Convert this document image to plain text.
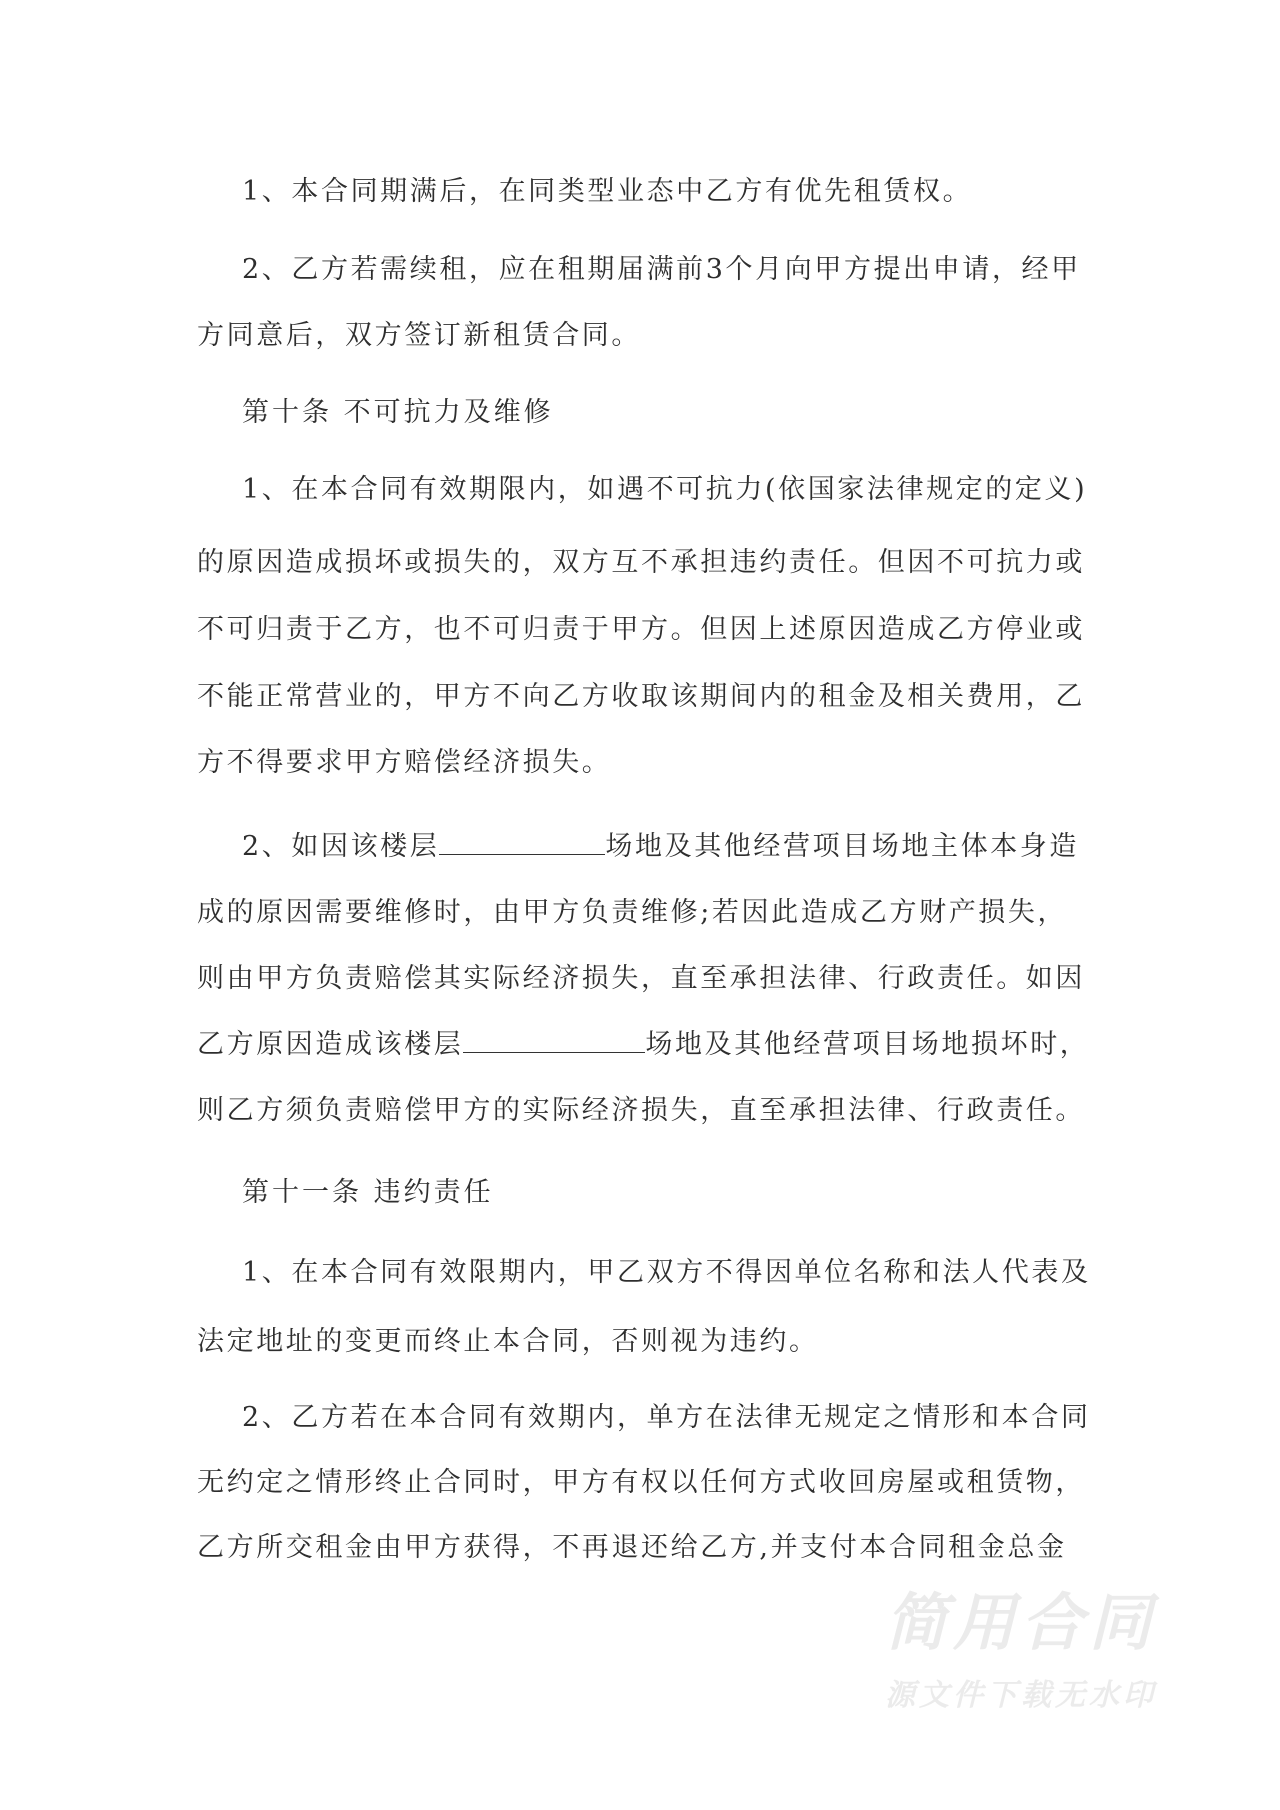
1、本合同期满后，在同类型业态中乙方有优先租赁权。
2、乙方若需续租，应在租期届满前3个月向甲方提出申请，经甲
方同意后，双方签订新租赁合同。
第十条 不可抗力及维修
1、在本合同有效期限内，如遇不可抗力(依国家法律规定的定义)
的原因造成损坏或损失的，双方互不承担违约责任。但因不可抗力或
不可归责于乙方，也不可归责于甲方。但因上述原因造成乙方停业或
不能正常营业的，甲方不向乙方收取该期间内的租金及相关费用，乙
方不得要求甲方赔偿经济损失。
2、如因该楼层	场地及其他经营项目场地主体本身造
成的原因需要维修时，由甲方负责维修;若因此造成乙方财产损失，
则由甲方负责赔偿其实际经济损失，直至承担法律、行政责任。如因
乙方原因造成该楼层	场地及其他经营项目场地损坏时，
则乙方须负责赔偿甲方的实际经济损失，直至承担法律、行政责任。
第十一条 违约责任
1、在本合同有效限期内，甲乙双方不得因单位名称和法人代表及
法定地址的变更而终止本合同，否则视为违约。
2、乙方若在本合同有效期内，单方在法律无规定之情形和本合同
无约定之情形终止合同时，甲方有权以任何方式收回房屋或租赁物，
乙方所交租金由甲方获得，不再退还给乙方,并支付本合同租金总金
简用合同
源文件下载无水印
